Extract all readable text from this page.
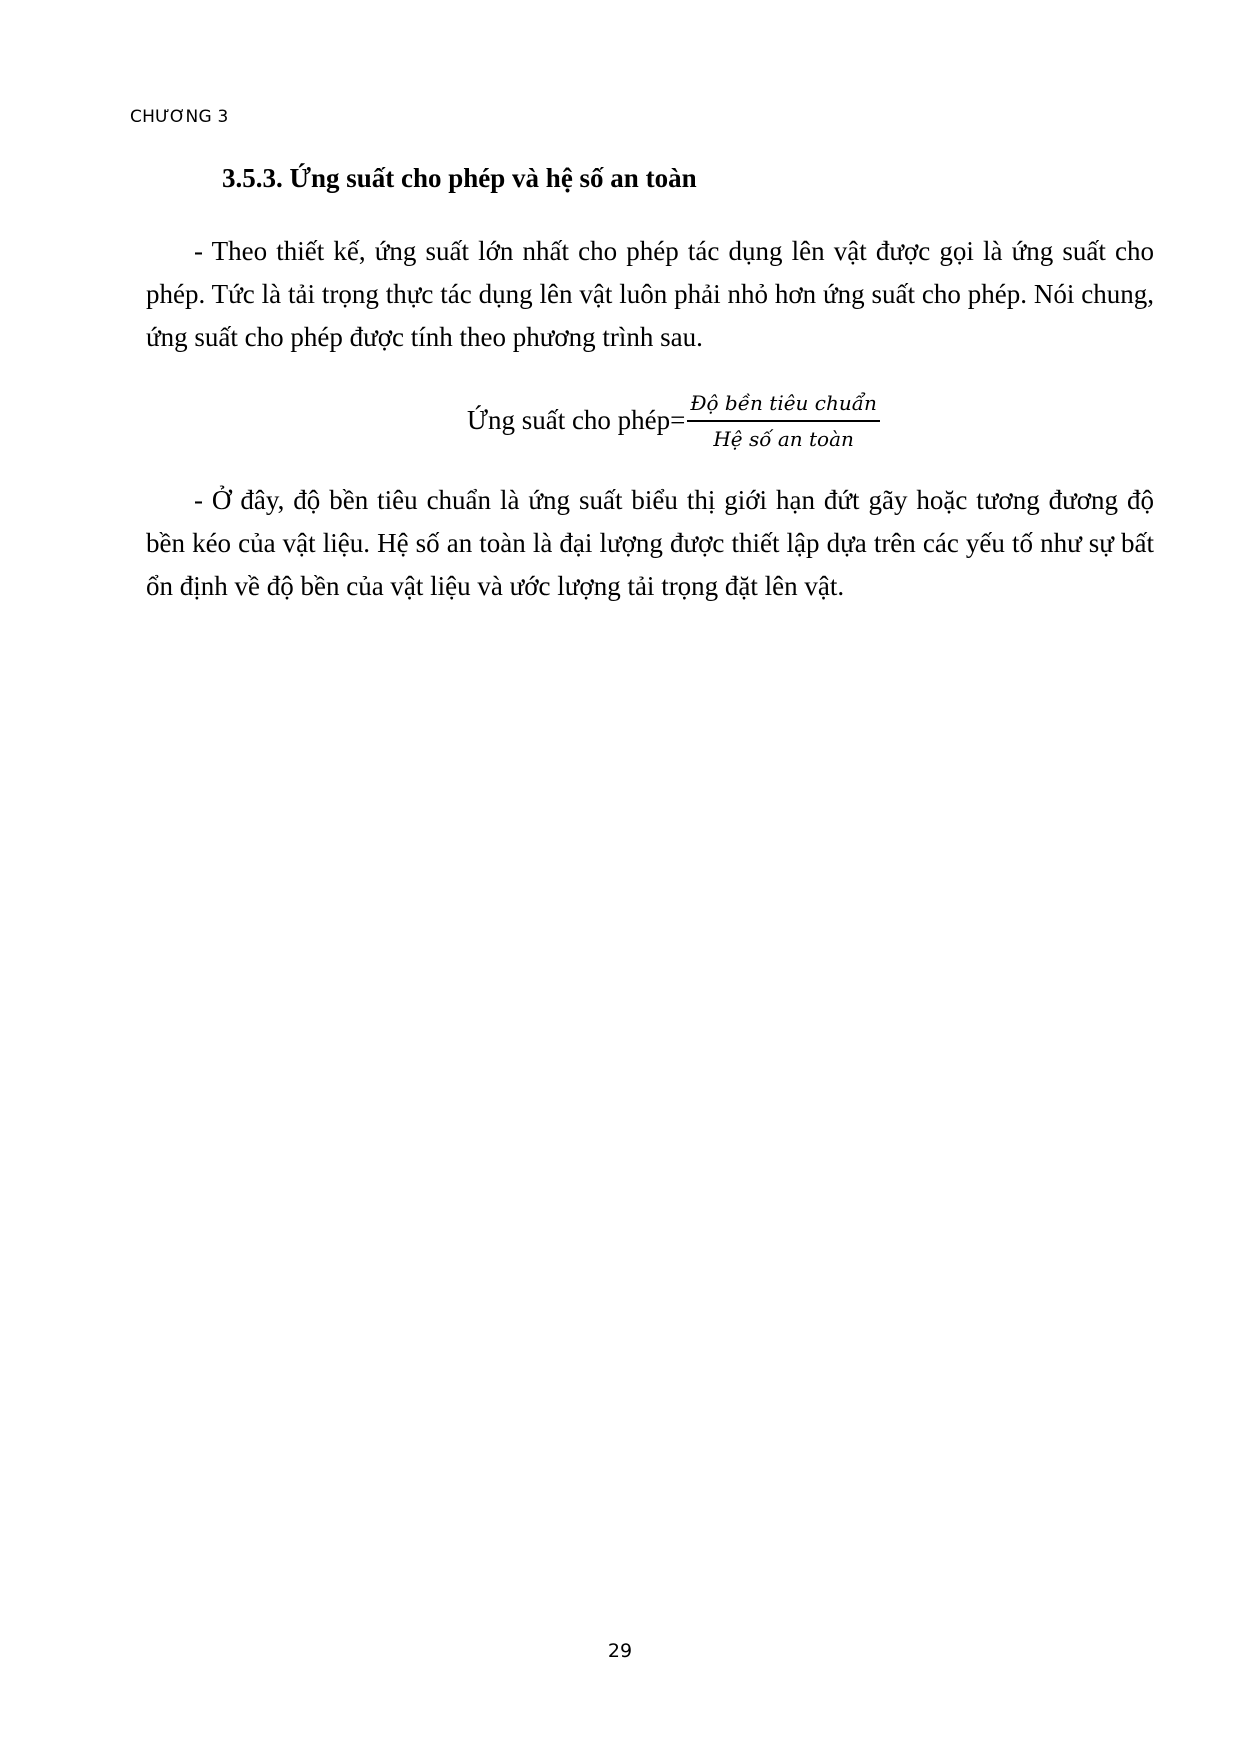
CHƯƠNG 3
3.5.3. Ứng suất cho phép và hệ số an toàn

- Theo thiết kế, ứng suất lớn nhất cho phép tác dụng lên vật được gọi là ứng suất cho phép. Tức là tải trọng thực tác dụng lên vật luôn phải nhỏ hơn ứng suất cho phép. Nói chung, ứng suất cho phép được tính theo phương trình sau.

Ứng suất cho phép= $\frac{\text{Độ bền tiêu chuẩn}}{\text{Hệ số an toàn}}$

- Ở đây, độ bền tiêu chuẩn là ứng suất biểu thị giới hạn đứt gãy hoặc tương đương độ bền kéo của vật liệu. Hệ số an toàn là đại lượng được thiết lập dựa trên các yếu tố như sự bất ổn định về độ bền của vật liệu và ước lượng tải trọng đặt lên vật.

29
